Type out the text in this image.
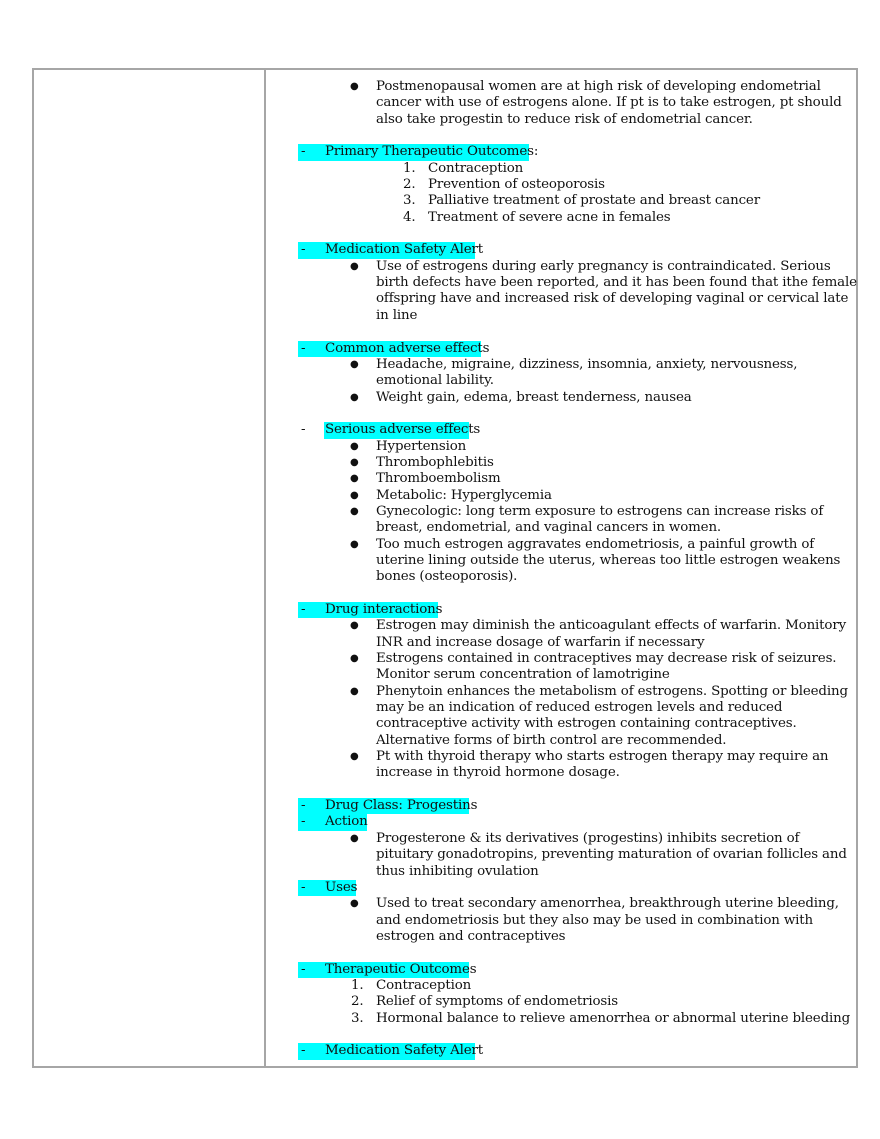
● Postmenopausal women are at high risk of developing endometrial cancer with use of estrogens alone. If pt is to take estrogen, pt should also take progestin to reduce risk of endometrial cancer.
- Primary Therapeutic Outcomes:
1. Contraception
2. Prevention of osteoporosis
3. Palliative treatment of prostate and breast cancer
4. Treatment of severe acne in females
- Medication Safety Alert
● Use of estrogens during early pregnancy is contraindicated. Serious birth defects have been reported, and it has been found that ithe female offspring have and increased risk of developing vaginal or cervical late in line
- Common adverse effects
● Headache, migraine, dizziness, insomnia, anxiety, nervousness, emotional lability.
● Weight gain, edema, breast tenderness, nausea
- Serious adverse effects
● Hypertension
● Thrombophlebitis
● Thromboembolism
● Metabolic: Hyperglycemia
● Gynecologic: long term exposure to estrogens can increase risks of breast, endometrial, and vaginal cancers in women.
● Too much estrogen aggravates endometriosis, a painful growth of uterine lining outside the uterus, whereas too little estrogen weakens bones (osteoporosis).
- Drug interactions
● Estrogen may diminish the anticoagulant effects of warfarin. Monitory INR and increase dosage of warfarin if necessary
● Estrogens contained in contraceptives may decrease risk of seizures. Monitor serum concentration of lamotrigine
● Phenytoin enhances the metabolism of estrogens. Spotting or bleeding may be an indication of reduced estrogen levels and reduced contraceptive activity with estrogen containing contraceptives. Alternative forms of birth control are recommended.
● Pt with thyroid therapy who starts estrogen therapy may require an increase in thyroid hormone dosage.
- Drug Class: Progestins
- Action
● Progesterone & its derivatives (progestins) inhibits secretion of pituitary gonadotropins, preventing maturation of ovarian follicles and thus inhibiting ovulation
- Uses
● Used to treat secondary amenorrhea, breakthrough uterine bleeding, and endometriosis but they also may be used in combination with estrogen and contraceptives
- Therapeutic Outcomes
1. Contraception
2. Relief of symptoms of endometriosis
3. Hormonal balance to relieve amenorrhea or abnormal uterine bleeding
- Medication Safety Alert
